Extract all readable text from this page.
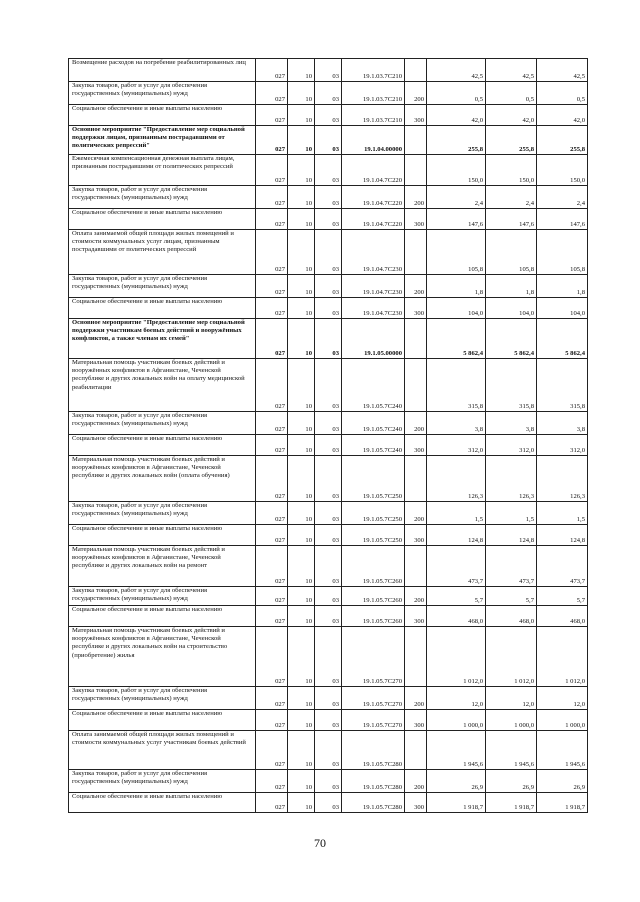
Возмещение расходов на погребение реабилитированных лиц	027	10	03	19.1.03.7C210		42,5	42,5	42,5
Закупка товаров, работ и услуг для обеспечения государственных (муниципальных) нужд	027	10	03	19.1.03.7C210	200	0,5	0,5	0,5
Социальное обеспечение и иные выплаты населению	027	10	03	19.1.03.7C210	300	42,0	42,0	42,0
Основное мероприятие "Предоставление мер социальной поддержки лицам, признанным пострадавшими от политических репрессий"	027	10	03	19.1.04.00000		255,8	255,8	255,8
Ежемесячная компенсационная денежная выплата лицам, признанным пострадавшими от политических репрессий	027	10	03	19.1.04.7C220		150,0	150,0	150,0
Закупка товаров, работ и услуг для обеспечения государственных (муниципальных) нужд	027	10	03	19.1.04.7C220	200	2,4	2,4	2,4
Социальное обеспечение и иные выплаты населению	027	10	03	19.1.04.7C220	300	147,6	147,6	147,6
Оплата занимаемой общей площади жилых помещений и стоимости коммунальных услуг лицам, признанным пострадавшими от политических репрессий	027	10	03	19.1.04.7C230		105,8	105,8	105,8
Закупка товаров, работ и услуг для обеспечения государственных (муниципальных) нужд	027	10	03	19.1.04.7C230	200	1,8	1,8	1,8
Социальное обеспечение и иные выплаты населению	027	10	03	19.1.04.7C230	300	104,0	104,0	104,0
Основное мероприятие "Предоставление мер социальной поддержки участникам боевых действий и вооружённых конфликтов, а также членам их семей"	027	10	03	19.1.05.00000		5 862,4	5 862,4	5 862,4
Материальная помощь участникам боевых действий и вооружённых конфликтов в Афганистане, Чеченской республике и других локальных войн на оплату медицинской реабилитации	027	10	03	19.1.05.7C240		315,8	315,8	315,8
Закупка товаров, работ и услуг для обеспечения государственных (муниципальных) нужд	027	10	03	19.1.05.7C240	200	3,8	3,8	3,8
Социальное обеспечение и иные выплаты населению	027	10	03	19.1.05.7C240	300	312,0	312,0	312,0
Материальная помощь участникам боевых действий и вооружённых конфликтов в Афганистане, Чеченской республике и других локальных войн (оплата обучения)	027	10	03	19.1.05.7C250		126,3	126,3	126,3
Закупка товаров, работ и услуг для обеспечения государственных (муниципальных) нужд	027	10	03	19.1.05.7C250	200	1,5	1,5	1,5
Социальное обеспечение и иные выплаты населению	027	10	03	19.1.05.7C250	300	124,8	124,8	124,8
Материальная помощь участникам боевых действий и вооружённых конфликтов в Афганистане, Чеченской республике и других локальных войн на ремонт	027	10	03	19.1.05.7C260		473,7	473,7	473,7
Закупка товаров, работ и услуг для обеспечения государственных (муниципальных) нужд	027	10	03	19.1.05.7C260	200	5,7	5,7	5,7
Социальное обеспечение и иные выплаты населению	027	10	03	19.1.05.7C260	300	468,0	468,0	468,0
Материальная помощь участникам боевых действий и вооружённых конфликтов в Афганистане, Чеченской республике и других локальных войн на строительство (приобретение) жилья	027	10	03	19.1.05.7C270		1 012,0	1 012,0	1 012,0
Закупка товаров, работ и услуг для обеспечения государственных (муниципальных) нужд	027	10	03	19.1.05.7C270	200	12,0	12,0	12,0
Социальное обеспечение и иные выплаты населению	027	10	03	19.1.05.7C270	300	1 000,0	1 000,0	1 000,0
Оплата занимаемой общей площади жилых помещений и стоимости коммунальных услуг участникам боевых действий	027	10	03	19.1.05.7C280		1 945,6	1 945,6	1 945,6
Закупка товаров, работ и услуг для обеспечения государственных (муниципальных) нужд	027	10	03	19.1.05.7C280	200	26,9	26,9	26,9
Социальное обеспечение и иные выплаты населению	027	10	03	19.1.05.7C280	300	1 918,7	1 918,7	1 918,7
70
